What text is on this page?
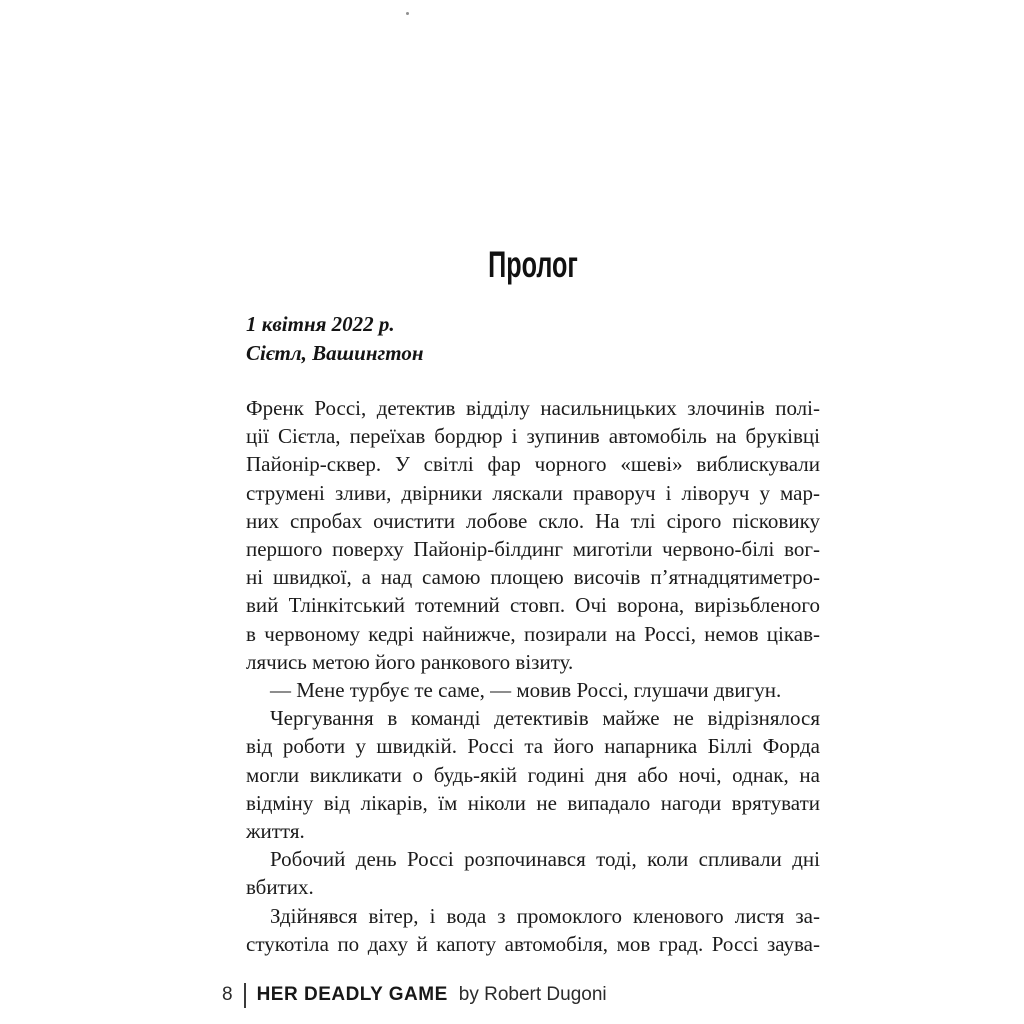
Пролог
1 квітня 2022 р.
Сієтл, Вашингтон
Френк Россі, детектив відділу насильницьких злочинів полі-
ції Сієтла, переїхав бордюр і зупинив автомобіль на бруківці
Пайонір-сквер. У світлі фар чорного «шеві» виблискували
струмені зливи, двірники ляскали праворуч і ліворуч у мар-
них спробах очистити лобове скло. На тлі сірого пісковику
першого поверху Пайонір-білдинг миготіли червоно-білі вог-
ні швидкої, а над самою площею височів п’ятнадцятиметро-
вий Тлінкітський тотемний стовп. Очі ворона, вирізьбленого
в червоному кедрі найнижче, позирали на Россі, немов цікав-
лячись метою його ранкового візиту.
— Мене турбує те саме, — мовив Россі, глушачи двигун.
Чергування в команді детективів майже не відрізнялося
від роботи у швидкій. Россі та його напарника Біллі Форда
могли викликати о будь-якій годині дня або ночі, однак, на
відміну від лікарів, їм ніколи не випадало нагоди врятувати
життя.
Робочий день Россі розпочинався тоді, коли спливали дні
вбитих.
Здійнявся вітер, і вода з промоклого кленового листя за-
стукотіла по даху й капоту автомобіля, мов град. Россі заува-
8 HER DEADLY GAME by Robert Dugoni
